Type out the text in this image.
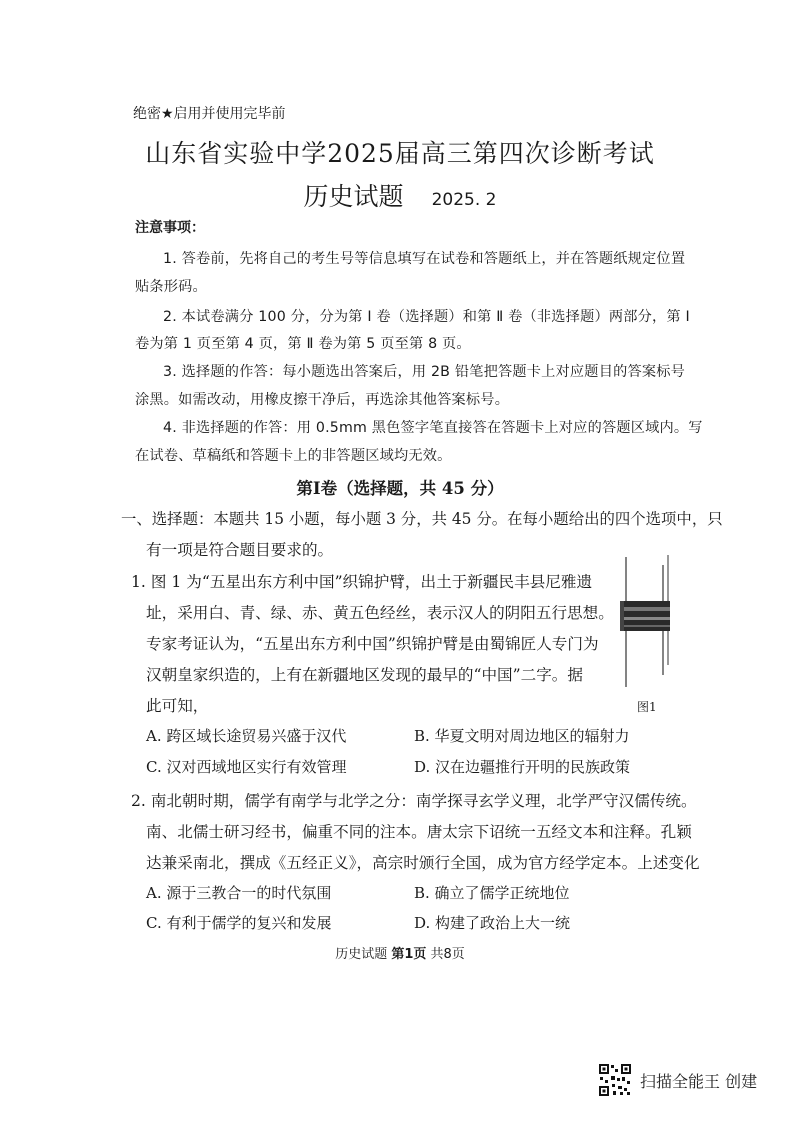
绝密★启用并使用完毕前
山东省实验中学2025届高三第四次诊断考试
历史试题 2025. 2
注意事项：
1. 答卷前，先将自己的考生号等信息填写在试卷和答题纸上，并在答题纸规定位置
贴条形码。
2. 本试卷满分 100 分，分为第 Ⅰ 卷（选择题）和第 Ⅱ 卷（非选择题）两部分，第 Ⅰ
卷为第 1 页至第 4 页，第 Ⅱ 卷为第 5 页至第 8 页。
3. 选择题的作答：每小题选出答案后，用 2B 铅笔把答题卡上对应题目的答案标号
涂黑。如需改动，用橡皮擦干净后，再选涂其他答案标号。
4. 非选择题的作答：用 0.5mm 黑色签字笔直接答在答题卡上对应的答题区域内。写
在试卷、草稿纸和答题卡上的非答题区域均无效。
第Ⅰ卷（选择题，共 45 分）
一、选择题：本题共 15 小题，每小题 3 分，共 45 分。在每小题给出的四个选项中，只
有一项是符合题目要求的。
1. 图 1 为“五星出东方利中国”织锦护臂，出土于新疆民丰县尼雅遗
址，采用白、青、绿、赤、黄五色经丝，表示汉人的阴阳五行思想。
专家考证认为，“五星出东方利中国”织锦护臂是由蜀锦匠人专门为
汉朝皇家织造的，上有在新疆地区发现的最早的“中国”二字。据
此可知，	图1
A. 跨区域长途贸易兴盛于汉代	B. 华夏文明对周边地区的辐射力
C. 汉对西域地区实行有效管理	D. 汉在边疆推行开明的民族政策
2. 南北朝时期，儒学有南学与北学之分：南学探寻玄学义理，北学严守汉儒传统。
南、北儒士研习经书，偏重不同的注本。唐太宗下诏统一五经文本和注释。孔颖
达兼采南北，撰成《五经正义》，高宗时颁行全国，成为官方经学定本。上述变化
A. 源于三教合一的时代氛围	B. 确立了儒学正统地位
C. 有利于儒学的复兴和发展	D. 构建了政治上大一统
历史试题 第1页 共8页
扫描全能王 创建
